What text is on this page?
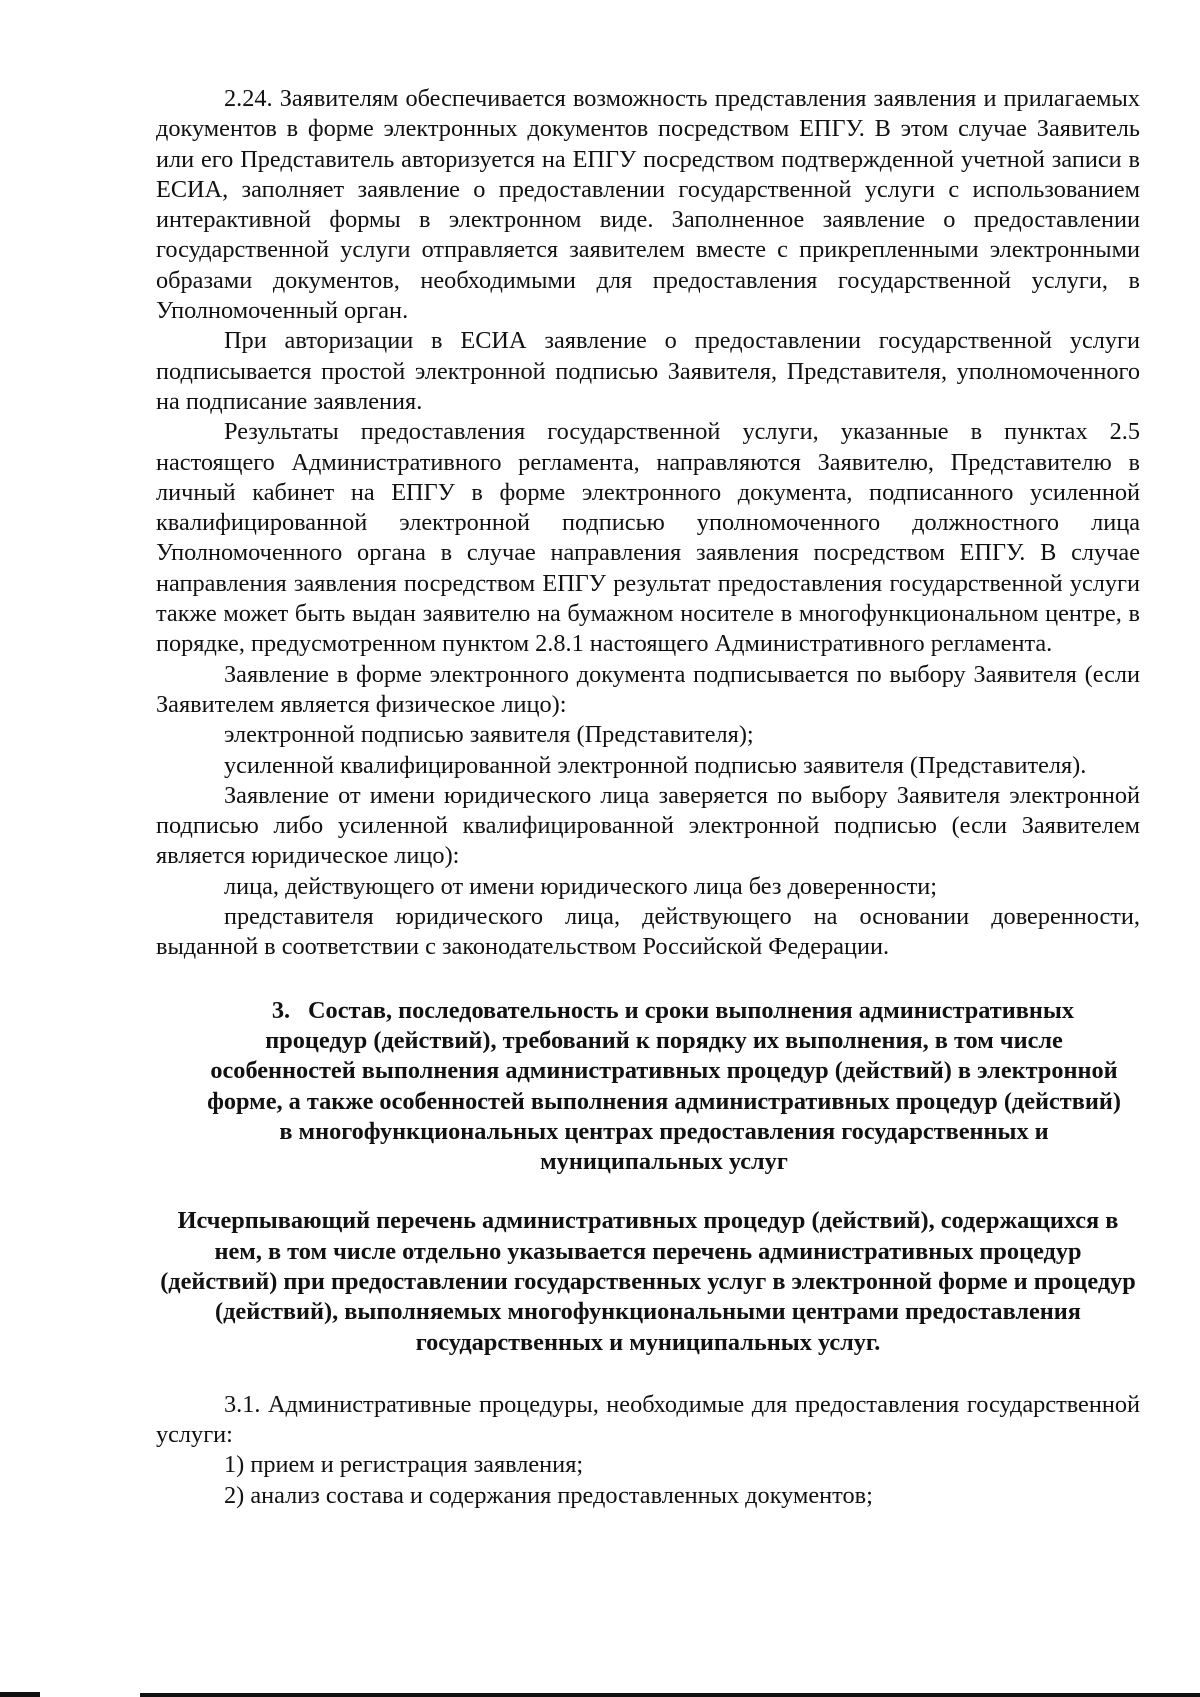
2.24. Заявителям обеспечивается возможность представления заявления и прилагаемых документов в форме электронных документов посредством ЕПГУ. В этом случае Заявитель или его Представитель авторизуется на ЕПГУ посредством подтвержденной учетной записи в ЕСИА, заполняет заявление о предоставлении государственной услуги с использованием интерактивной формы в электронном виде. Заполненное заявление о предоставлении государственной услуги отправляется заявителем вместе с прикрепленными электронными образами документов, необходимыми для предоставления государственной услуги, в Уполномоченный орган.

При авторизации в ЕСИА заявление о предоставлении государственной услуги подписывается простой электронной подписью Заявителя, Представителя, уполномоченного на подписание заявления.

Результаты предоставления государственной услуги, указанные в пунктах 2.5 настоящего Административного регламента, направляются Заявителю, Представителю в личный кабинет на ЕПГУ в форме электронного документа, подписанного усиленной квалифицированной электронной подписью уполномоченного должностного лица Уполномоченного органа в случае направления заявления посредством ЕПГУ. В случае направления заявления посредством ЕПГУ результат предоставления государственной услуги также может быть выдан заявителю на бумажном носителе в многофункциональном центре, в порядке, предусмотренном пунктом 2.8.1 настоящего Административного регламента.

Заявление в форме электронного документа подписывается по выбору Заявителя (если Заявителем является физическое лицо):

электронной подписью заявителя (Представителя);

усиленной квалифицированной электронной подписью заявителя (Представителя).

Заявление от имени юридического лица заверяется по выбору Заявителя электронной подписью либо усиленной квалифицированной электронной подписью (если Заявителем является юридическое лицо):

лица, действующего от имени юридического лица без доверенности;

представителя юридического лица, действующего на основании доверенности, выданной в соответствии с законодательством Российской Федерации.

3. Состав, последовательность и сроки выполнения административных процедур (действий), требований к порядку их выполнения, в том числе особенностей выполнения административных процедур (действий) в электронной форме, а также особенностей выполнения административных процедур (действий) в многофункциональных центрах предоставления государственных и муниципальных услуг
Исчерпывающий перечень административных процедур (действий), содержащихся в нем, в том числе отдельно указывается перечень административных процедур (действий) при предоставлении государственных услуг в электронной форме и процедур (действий), выполняемых многофункциональными центрами предоставления государственных и муниципальных услуг.

3.1. Административные процедуры, необходимые для предоставления государственной услуги:

1) прием и регистрация заявления;

2) анализ состава и содержания предоставленных документов;
